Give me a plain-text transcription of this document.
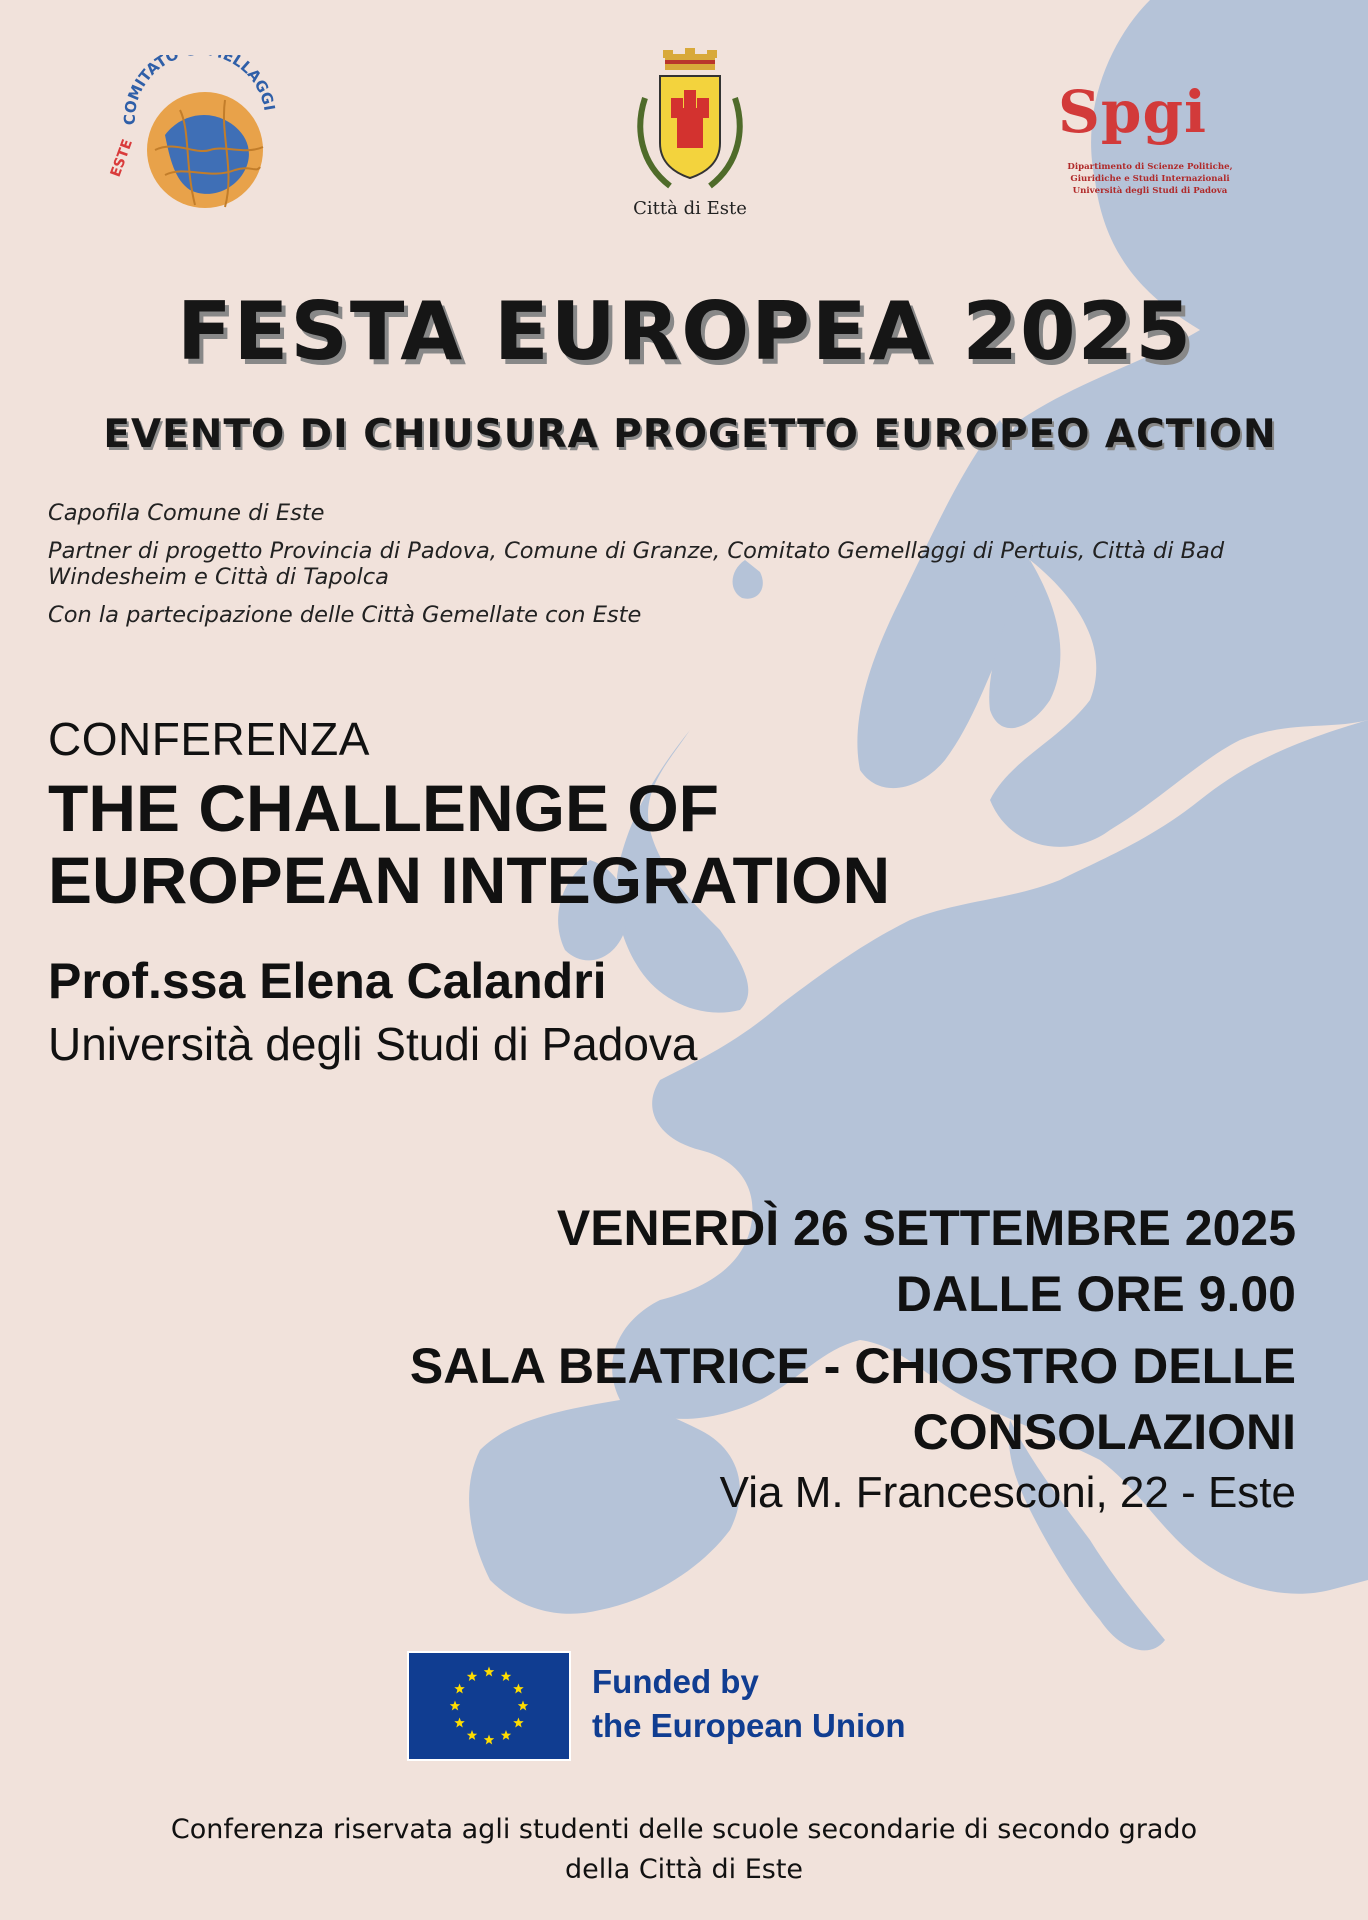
COMITATO ELLAGGI
ESTE
Città di Este
Spgi
Dipartimento di Scienze Politiche,
Giuridiche e Studi Internazionali
Università degli Studi di Padova
FESTA EUROPEA 2025
EVENTO DI CHIUSURA PROGETTO EUROPEO ACTION

Capofila Comune di Este

Partner di progetto Provincia di Padova, Comune di Granze, Comitato Gemellaggi di Pertuis, Città di Bad Windesheim e Città di Tapolca

Con la partecipazione delle Città Gemellate con Este

CONFERENZA
THE CHALLENGE OF
EUROPEAN INTEGRATION
Prof.ssa Elena Calandri
Università degli Studi di Padova
VENERDÌ 26 SETTEMBRE 2025
DALLE ORE 9.00
SALA BEATRICE - CHIOSTRO DELLE
CONSOLAZIONI
Via M. Francesconi, 22 - Este
Funded by
the European Union
Conferenza riservata agli studenti delle scuole secondarie di secondo grado
della Città di Este
